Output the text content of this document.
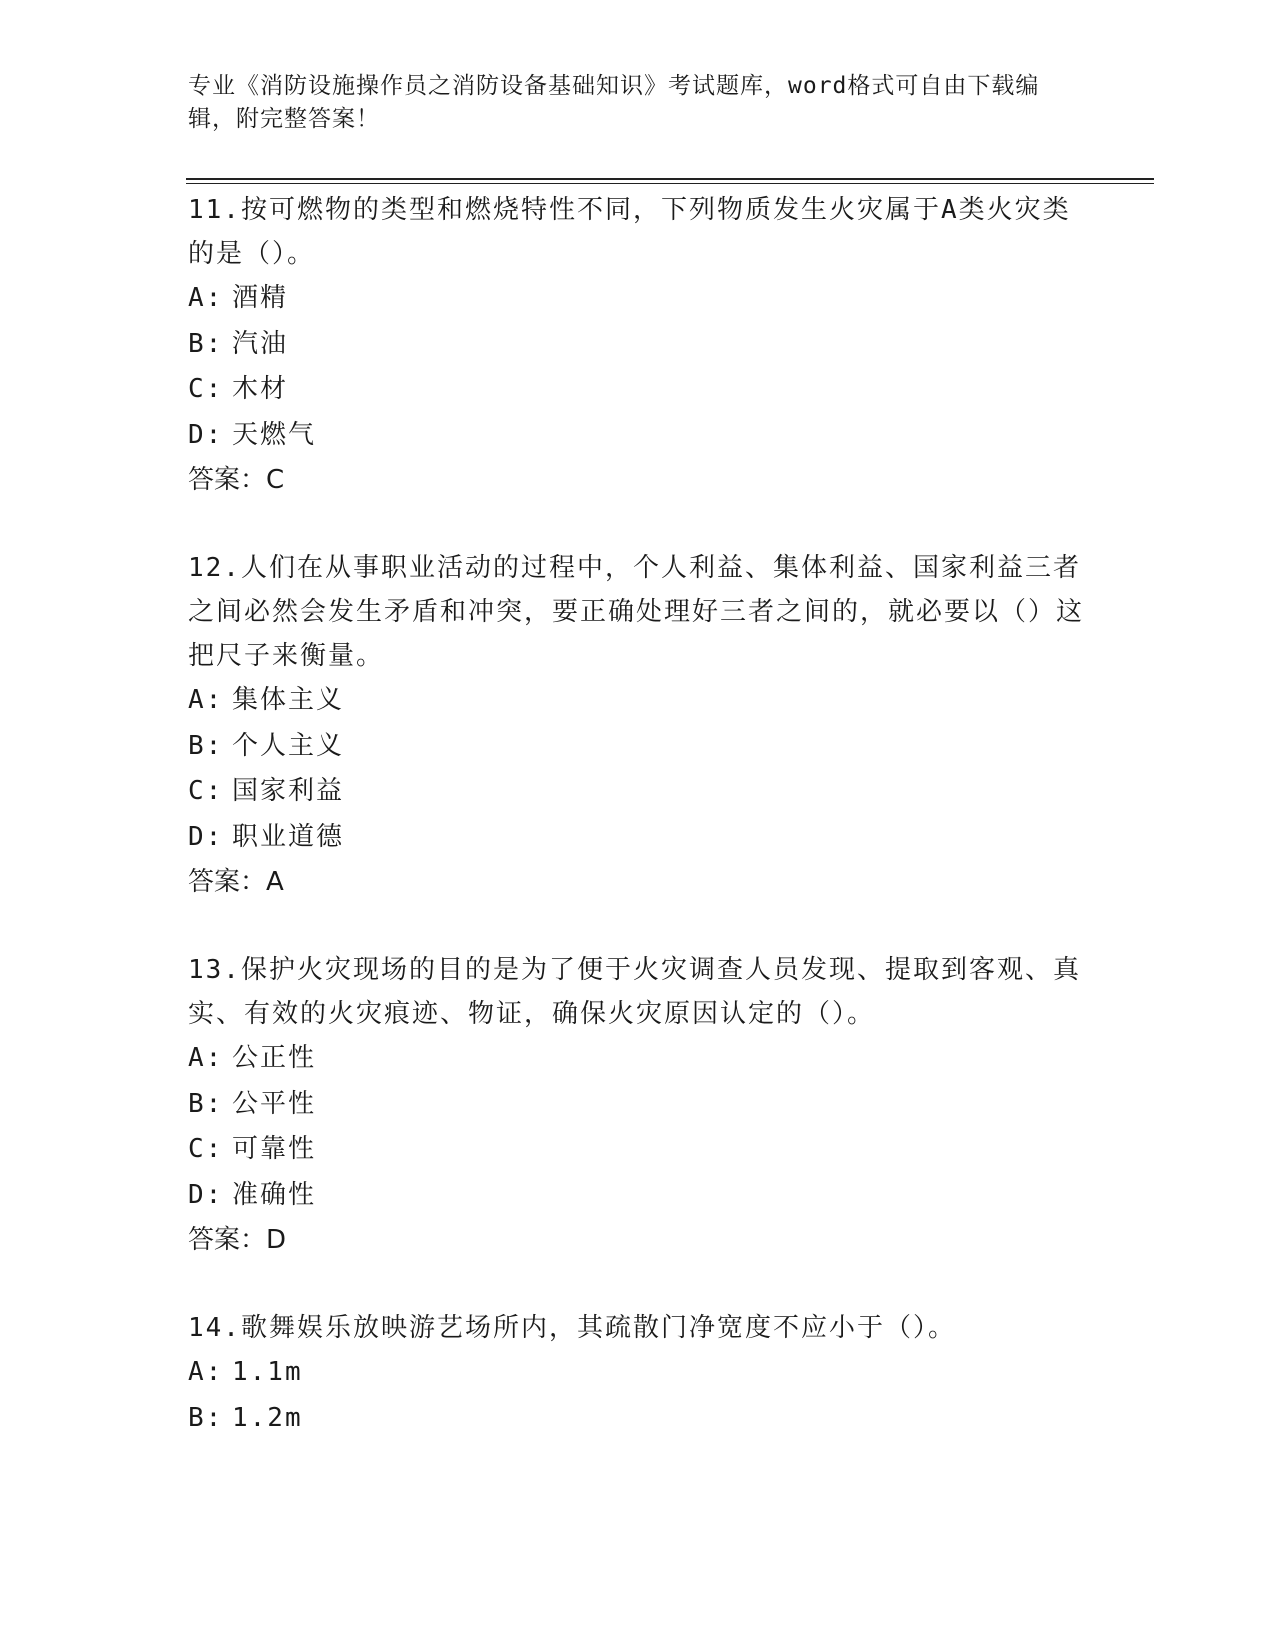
专业《消防设施操作员之消防设备基础知识》考试题库，word格式可自由下载编辑，附完整答案！

11.按可燃物的类型和燃烧特性不同，下列物质发生火灾属于A类火灾类的是（）。

A: 酒精

B: 汽油

C: 木材

D: 天燃气

答案：C

12.人们在从事职业活动的过程中，个人利益、集体利益、国家利益三者之间必然会发生矛盾和冲突，要正确处理好三者之间的，就必要以（）这把尺子来衡量。

A: 集体主义

B: 个人主义

C: 国家利益

D: 职业道德

答案：A

13.保护火灾现场的目的是为了便于火灾调查人员发现、提取到客观、真实、有效的火灾痕迹、物证，确保火灾原因认定的（）。

A: 公正性

B: 公平性

C: 可靠性

D: 准确性

答案：D

14.歌舞娱乐放映游艺场所内，其疏散门净宽度不应小于（）。

A: 1.1m

B: 1.2m
